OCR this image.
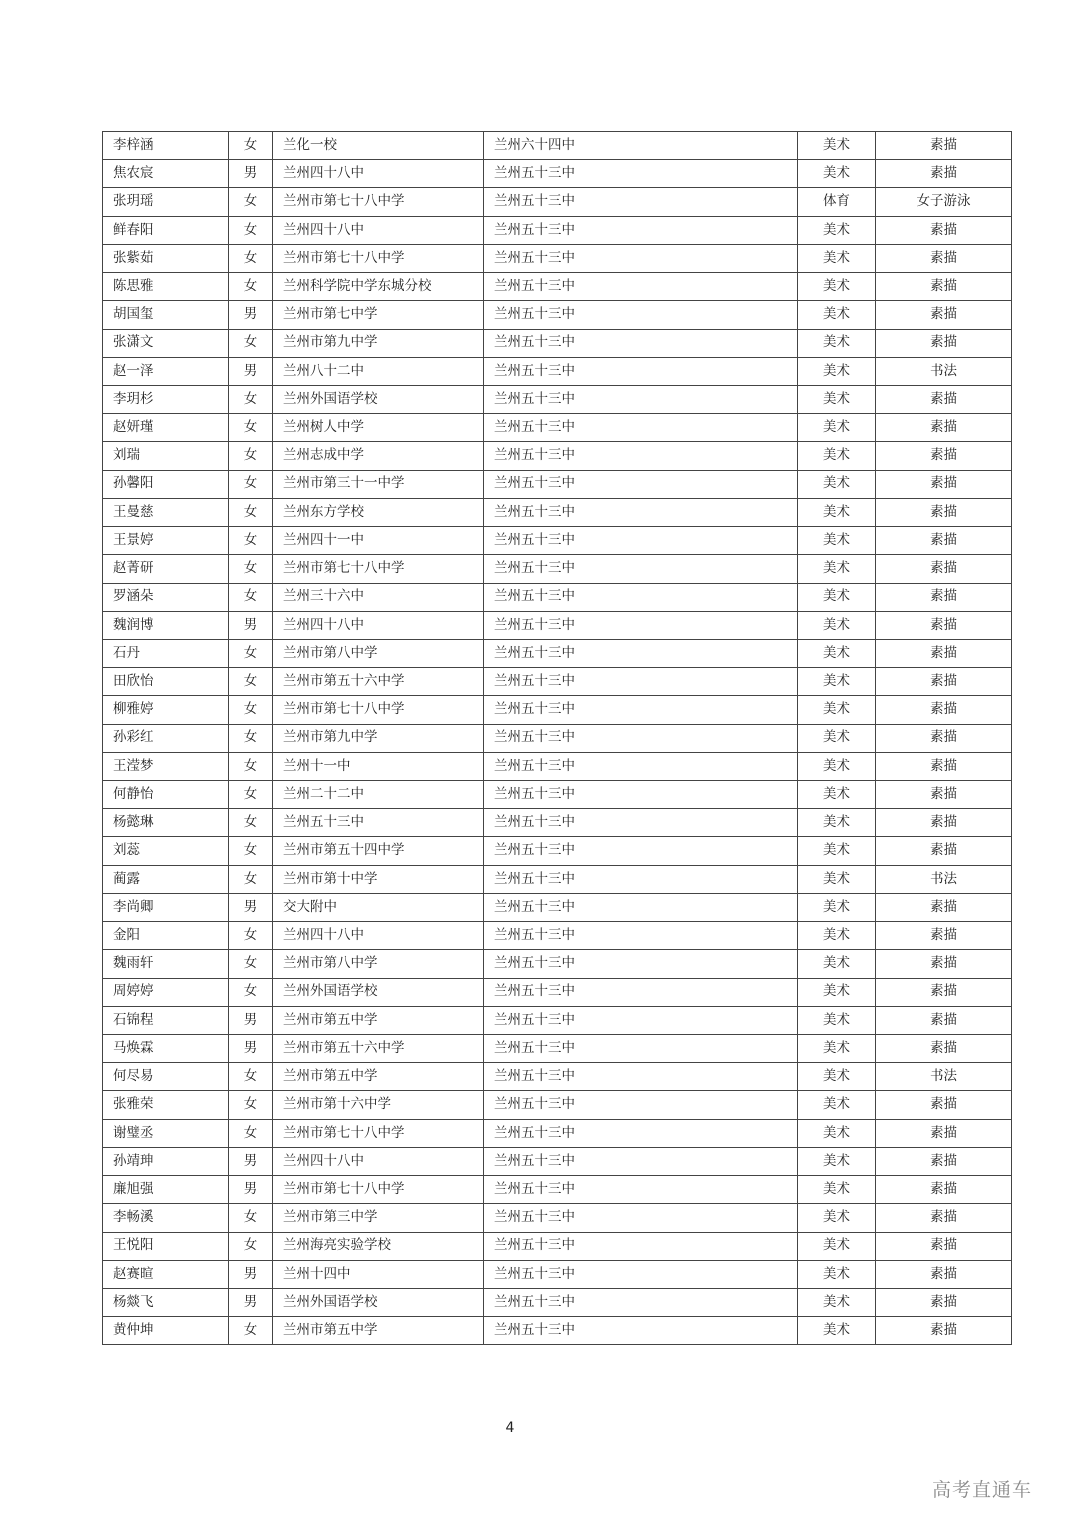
李梓涵	女	兰化一校	兰州六十四中	美术	素描
焦农宸	男	兰州四十八中	兰州五十三中	美术	素描
张玥瑶	女	兰州市第七十八中学	兰州五十三中	体育	女子游泳
鲜春阳	女	兰州四十八中	兰州五十三中	美术	素描
张紫茹	女	兰州市第七十八中学	兰州五十三中	美术	素描
陈思雅	女	兰州科学院中学东城分校	兰州五十三中	美术	素描
胡国玺	男	兰州市第七中学	兰州五十三中	美术	素描
张潇文	女	兰州市第九中学	兰州五十三中	美术	素描
赵一泽	男	兰州八十二中	兰州五十三中	美术	书法
李玥杉	女	兰州外国语学校	兰州五十三中	美术	素描
赵妍瑾	女	兰州树人中学	兰州五十三中	美术	素描
刘瑞	女	兰州志成中学	兰州五十三中	美术	素描
孙馨阳	女	兰州市第三十一中学	兰州五十三中	美术	素描
王曼慈	女	兰州东方学校	兰州五十三中	美术	素描
王景婷	女	兰州四十一中	兰州五十三中	美术	素描
赵菁研	女	兰州市第七十八中学	兰州五十三中	美术	素描
罗涵朵	女	兰州三十六中	兰州五十三中	美术	素描
魏润博	男	兰州四十八中	兰州五十三中	美术	素描
石丹	女	兰州市第八中学	兰州五十三中	美术	素描
田欣怡	女	兰州市第五十六中学	兰州五十三中	美术	素描
柳雅婷	女	兰州市第七十八中学	兰州五十三中	美术	素描
孙彩红	女	兰州市第九中学	兰州五十三中	美术	素描
王滢梦	女	兰州十一中	兰州五十三中	美术	素描
何静怡	女	兰州二十二中	兰州五十三中	美术	素描
杨懿琳	女	兰州五十三中	兰州五十三中	美术	素描
刘蕊	女	兰州市第五十四中学	兰州五十三中	美术	素描
蔺露	女	兰州市第十中学	兰州五十三中	美术	书法
李尚卿	男	交大附中	兰州五十三中	美术	素描
金阳	女	兰州四十八中	兰州五十三中	美术	素描
魏雨轩	女	兰州市第八中学	兰州五十三中	美术	素描
周婷婷	女	兰州外国语学校	兰州五十三中	美术	素描
石锦程	男	兰州市第五中学	兰州五十三中	美术	素描
马焕霖	男	兰州市第五十六中学	兰州五十三中	美术	素描
何尽易	女	兰州市第五中学	兰州五十三中	美术	书法
张雅荣	女	兰州市第十六中学	兰州五十三中	美术	素描
谢璧丞	女	兰州市第七十八中学	兰州五十三中	美术	素描
孙靖珅	男	兰州四十八中	兰州五十三中	美术	素描
廉旭强	男	兰州市第七十八中学	兰州五十三中	美术	素描
李畅溪	女	兰州市第三中学	兰州五十三中	美术	素描
王悦阳	女	兰州海亮实验学校	兰州五十三中	美术	素描
赵赛暄	男	兰州十四中	兰州五十三中	美术	素描
杨燚飞	男	兰州外国语学校	兰州五十三中	美术	素描
黄仲坤	女	兰州市第五中学	兰州五十三中	美术	素描
4
高考直通车
